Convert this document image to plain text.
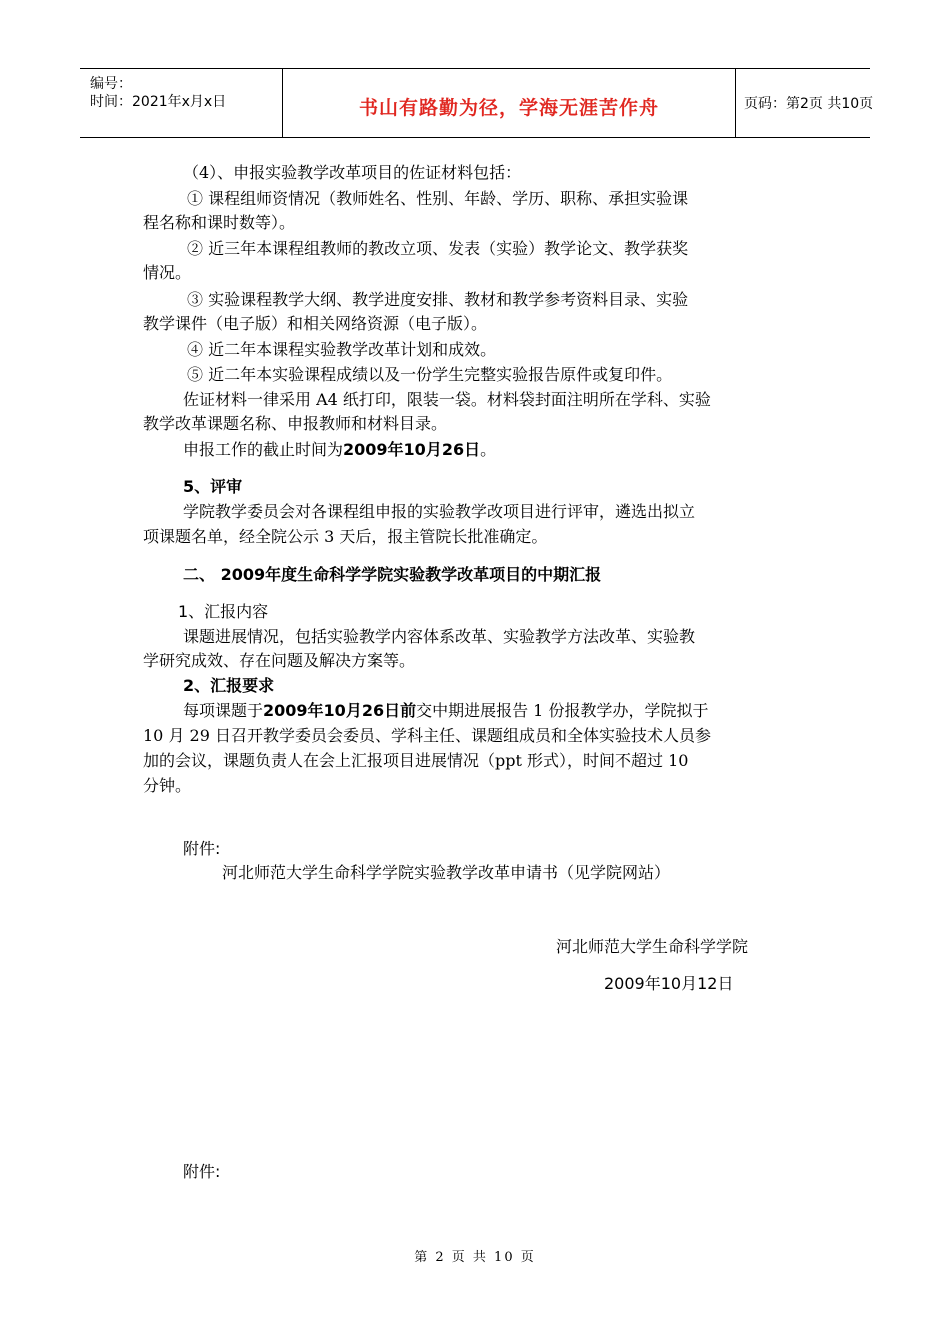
编号：
时间：2021年x月x日	书山有路勤为径，学海无涯苦作舟	页码：第2页 共10页
（4）、申报实验教学改革项目的佐证材料包括：
① 课程组师资情况（教师姓名、性别、年龄、学历、职称、承担实验课
程名称和课时数等）。
② 近三年本课程组教师的教改立项、发表（实验）教学论文、教学获奖
情况。
③ 实验课程教学大纲、教学进度安排、教材和教学参考资料目录、实验
教学课件（电子版）和相关网络资源（电子版）。
④ 近二年本课程实验教学改革计划和成效。
⑤ 近二年本实验课程成绩以及一份学生完整实验报告原件或复印件。
佐证材料一律采用 A4 纸打印，限装一袋。材料袋封面注明所在学科、实验
教学改革课题名称、申报教师和材料目录。
申报工作的截止时间为2009年10月26日。
5、评审
学院教学委员会对各课程组申报的实验教学改项目进行评审，遴选出拟立
项课题名单，经全院公示 3 天后，报主管院长批准确定。
二、 2009年度生命科学学院实验教学改革项目的中期汇报
1、汇报内容
课题进展情况，包括实验教学内容体系改革、实验教学方法改革、实验教
学研究成效、存在问题及解决方案等。
2、汇报要求
每项课题于2009年10月26日前交中期进展报告 1 份报教学办，学院拟于
10 月 29 日召开教学委员会委员、学科主任、课题组成员和全体实验技术人员参
加的会议，课题负责人在会上汇报项目进展情况（ppt 形式），时间不超过 10
分钟。
附件:
河北师范大学生命科学学院实验教学改革申请书（见学院网站）
河北师范大学生命科学学院
2009年10月12日
附件:
第 2 页 共 10 页
